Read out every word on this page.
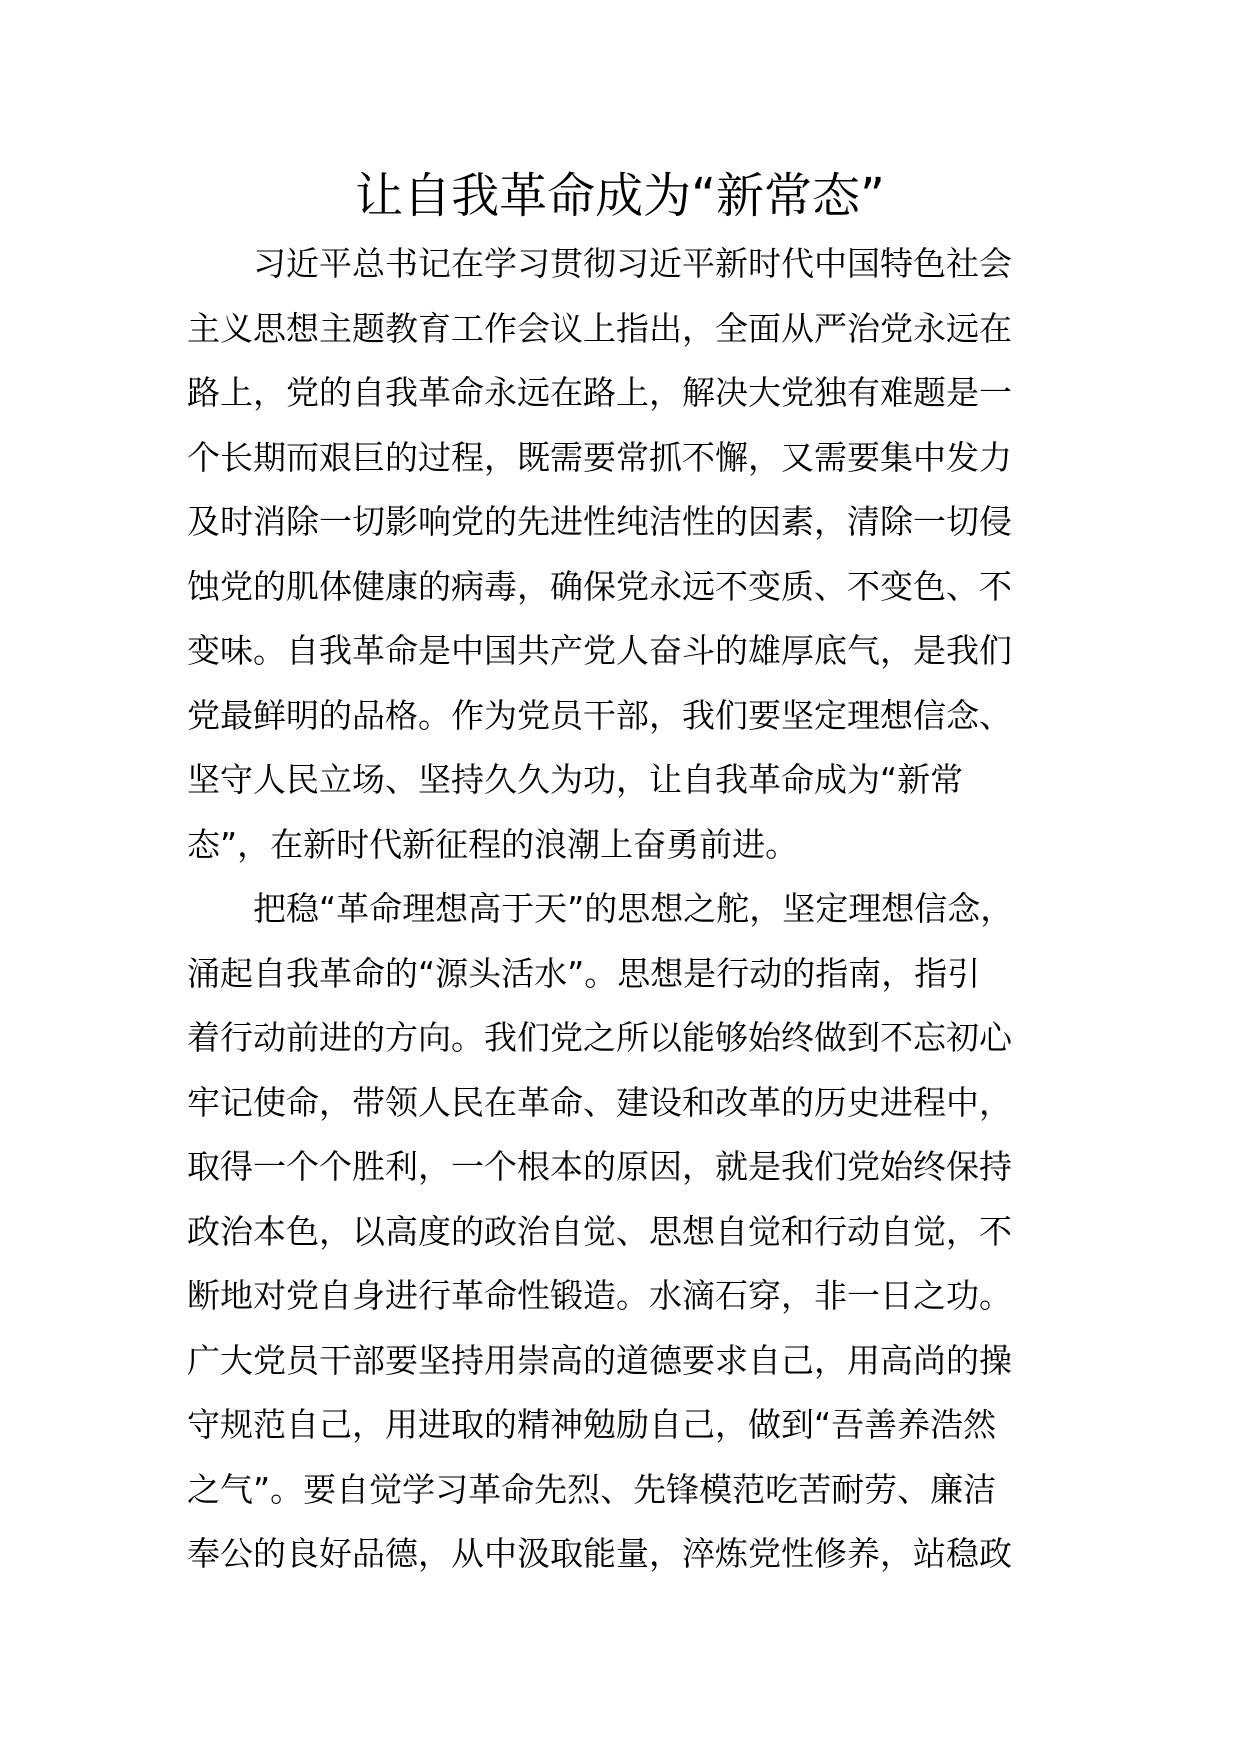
让自我革命成为“新常态”
习近平总书记在学习贯彻习近平新时代中国特色社会
主义思想主题教育工作会议上指出，全面从严治党永远在
路上，党的自我革命永远在路上，解决大党独有难题是一
个长期而艰巨的过程，既需要常抓不懈，又需要集中发力
及时消除一切影响党的先进性纯洁性的因素，清除一切侵
蚀党的肌体健康的病毒，确保党永远不变质、不变色、不
变味。自我革命是中国共产党人奋斗的雄厚底气，是我们
党最鲜明的品格。作为党员干部，我们要坚定理想信念、
坚守人民立场、坚持久久为功，让自我革命成为“新常
态”，在新时代新征程的浪潮上奋勇前进。
把稳“革命理想高于天”的思想之舵，坚定理想信念，
涌起自我革命的“源头活水”。思想是行动的指南，指引
着行动前进的方向。我们党之所以能够始终做到不忘初心
牢记使命，带领人民在革命、建设和改革的历史进程中，
取得一个个胜利，一个根本的原因，就是我们党始终保持
政治本色，以高度的政治自觉、思想自觉和行动自觉，不
断地对党自身进行革命性锻造。水滴石穿，非一日之功。
广大党员干部要坚持用崇高的道德要求自己，用高尚的操
守规范自己，用进取的精神勉励自己，做到“吾善养浩然
之气”。要自觉学习革命先烈、先锋模范吃苦耐劳、廉洁
奉公的良好品德，从中汲取能量，淬炼党性修养，站稳政
